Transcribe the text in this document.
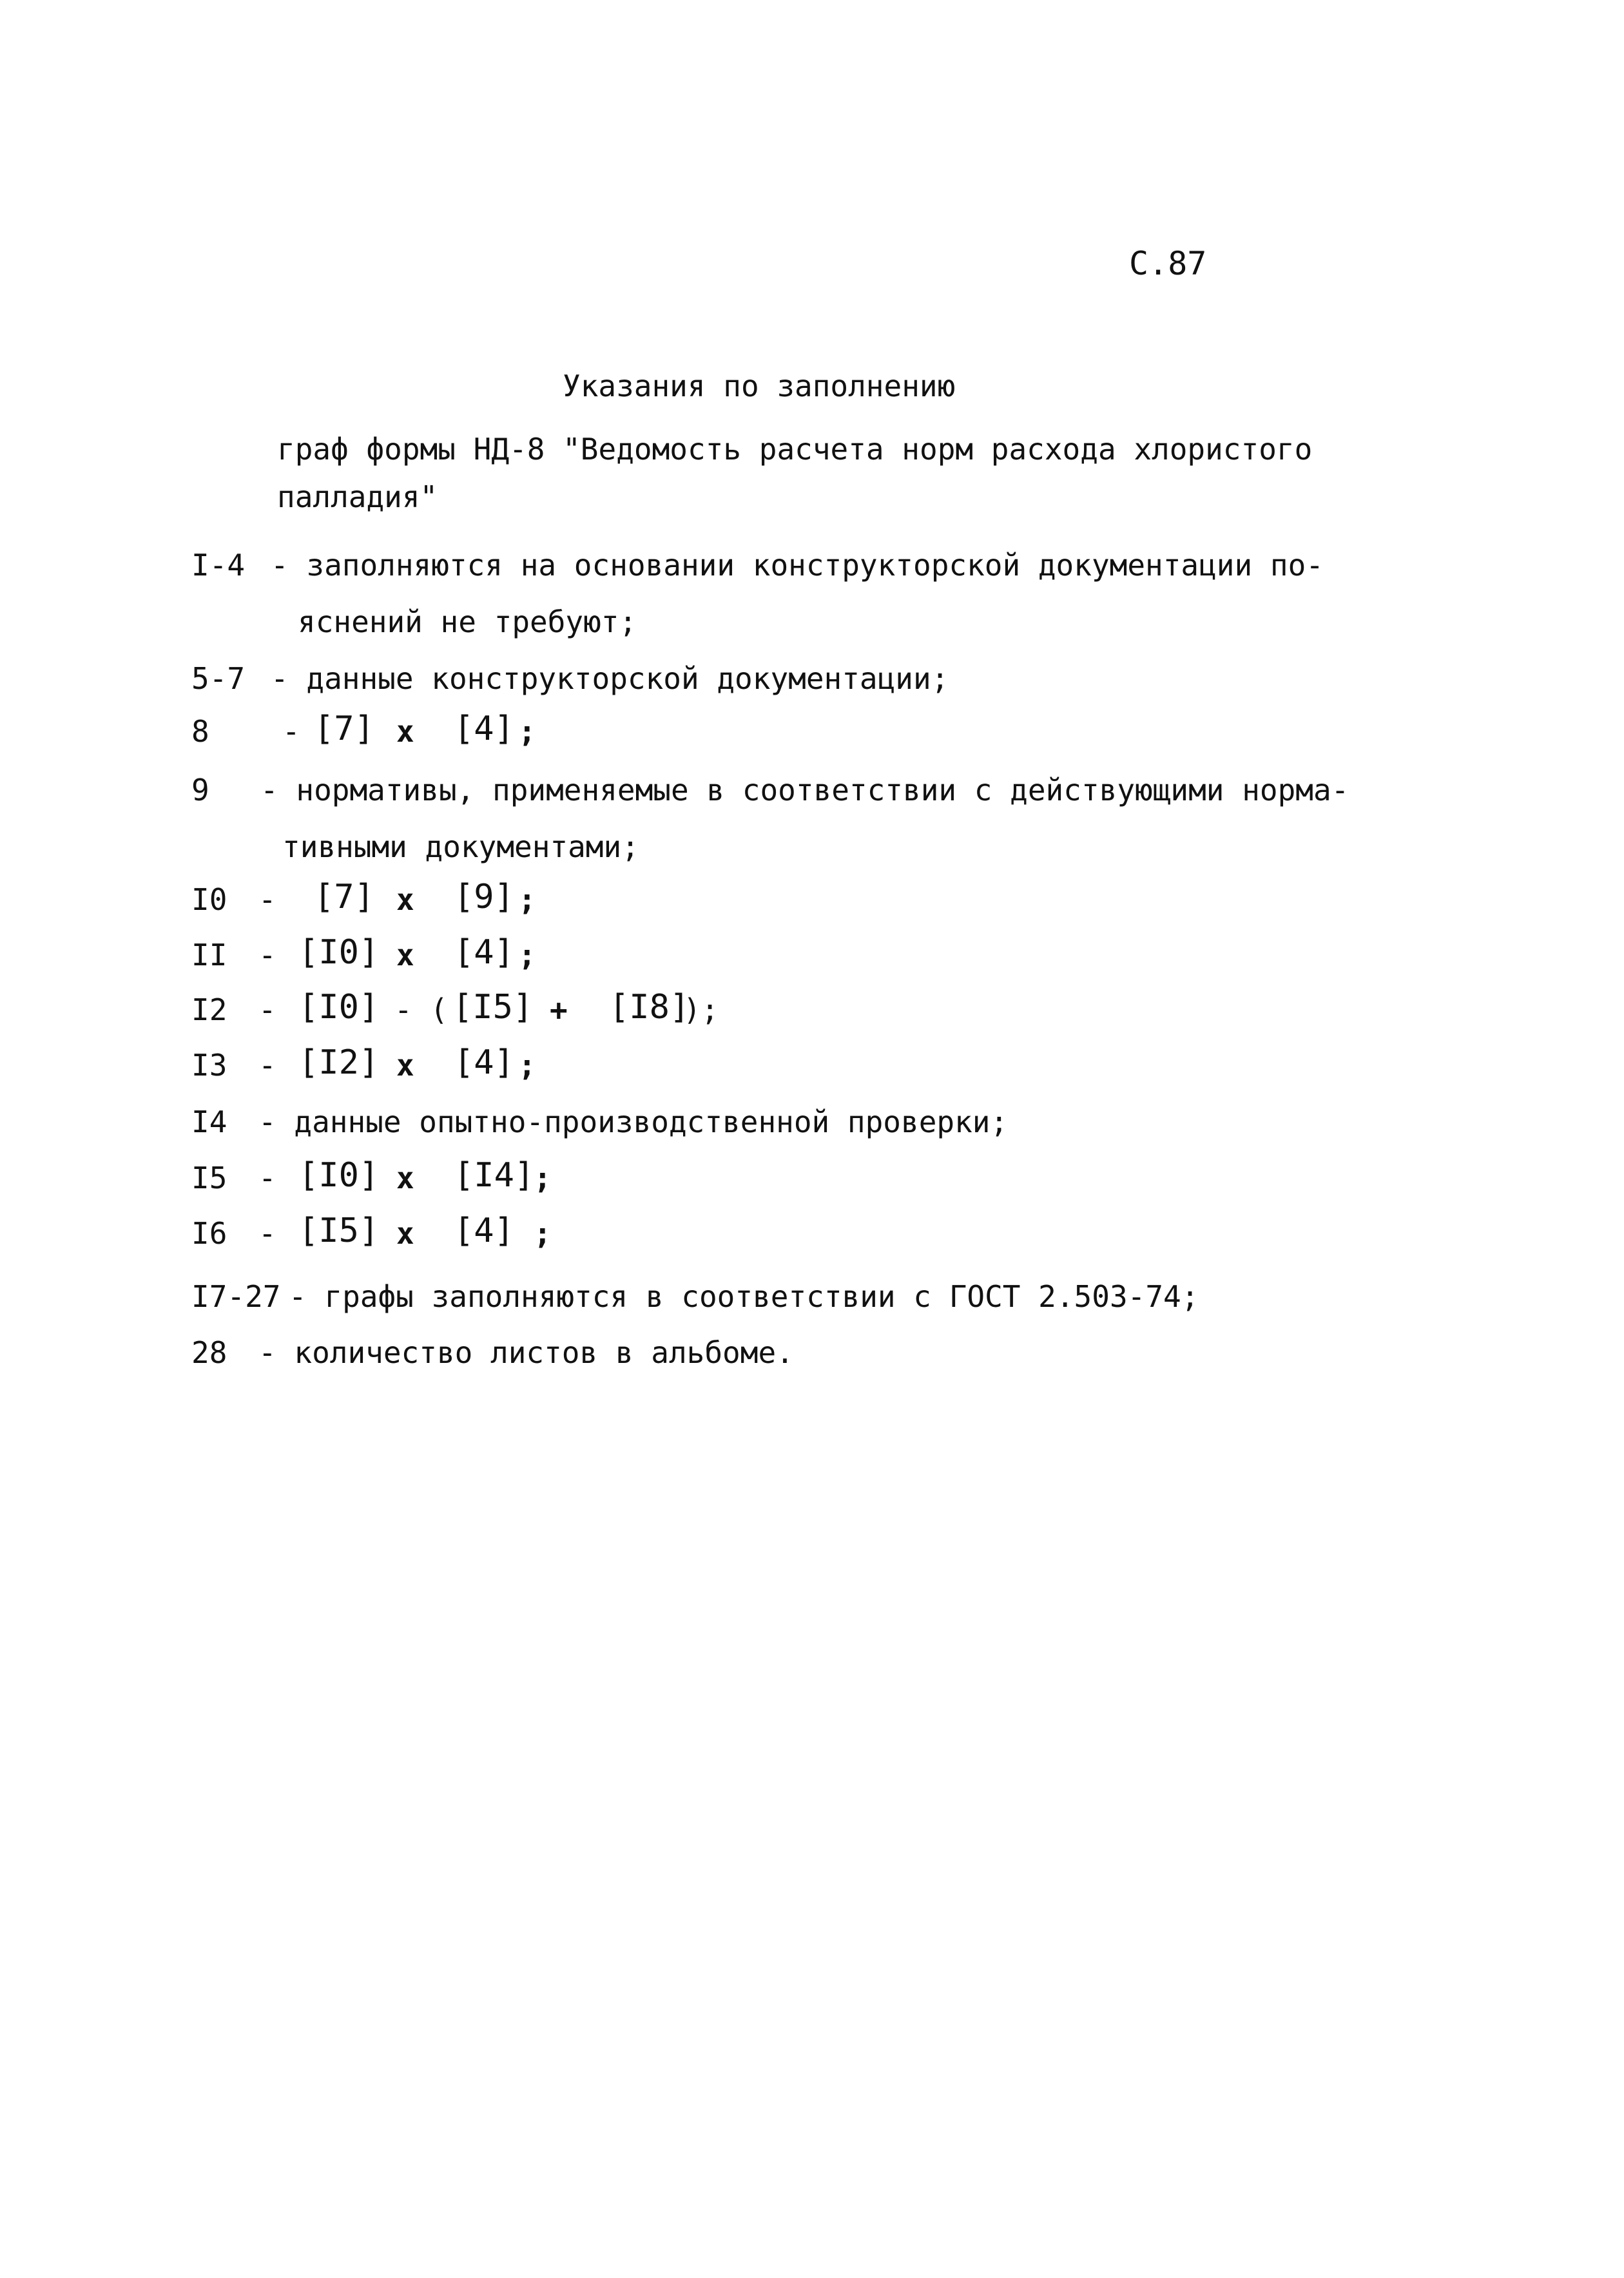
C.87
Указания по заполнению
граф формы НД-8 "Ведомость расчета норм расхода хлористого палладия"
I-4 - заполняются на основании конструкторской документации по-
яснений не требуют;
5-7 - данные конструкторской документации;
8 - [7] x [4] ;
9 - нормативы, применяемые в соответствии с действующими норма-
тивными документами;
I0 - [7] x [9] ;
II - [I0] x [4] ;
I2 - [I0] - ( [I5] + [I8]
);
I3 - [I2] x [4] ;
I4 - данные опытно-производственной проверки;
I5 - [I0] x [I4]
;
I6 - [I5] x [4] ;
I7-27 - графы заполняются в соответствии с ГОСТ 2.503-74;
28 - количество листов в альбоме.
